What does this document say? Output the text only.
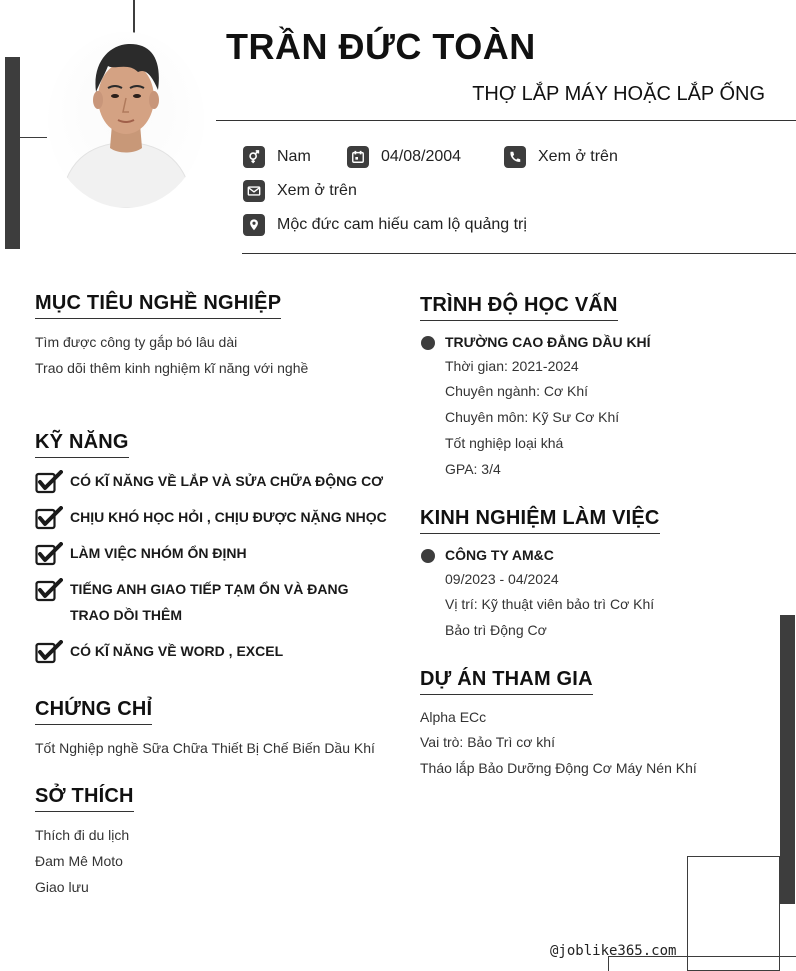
TRẦN ĐỨC TOÀN
THỢ LẮP MÁY HOẶC LẮP ỐNG
Nam	04/08/2004	Xem ở trên
Xem ở trên
Mộc đức cam hiếu cam lộ quảng trị
MỤC TIÊU NGHỀ NGHIỆP
Tìm được công ty gắp bó lâu dài
Trao dõi thêm kinh nghiệm kĩ năng với nghề
KỸ NĂNG
CÓ KĨ NĂNG VỀ LẮP VÀ SỬA CHỮA ĐỘNG CƠ
CHỊU KHÓ HỌC HỎI , CHỊU ĐƯỢC NẶNG NHỌC
LÀM VIỆC NHÓM ỔN ĐỊNH
TIẾNG ANH GIAO TIẾP TẠM ỔN VÀ ĐANG TRAO DỒI THÊM
CÓ KĨ NĂNG VỀ WORD , EXCEL
CHỨNG CHỈ
Tốt Nghiệp nghề Sữa Chữa Thiết Bị Chế Biến Dầu Khí
SỞ THÍCH
Thích đi du lịch
Đam Mê Moto
Giao lưu
TRÌNH ĐỘ HỌC VẤN
TRƯỜNG CAO ĐẲNG DẦU KHÍ
Thời gian: 2021-2024
Chuyên ngành: Cơ Khí
Chuyên môn: Kỹ Sư Cơ Khí
Tốt nghiệp loại khá
GPA: 3/4
KINH NGHIỆM LÀM VIỆC
CÔNG TY AM&C
09/2023 - 04/2024
Vị trí: Kỹ thuật viên bảo trì Cơ Khí
Bảo trì Động Cơ
DỰ ÁN THAM GIA
Alpha ECc
Vai trò: Bảo Trì cơ khí
Tháo lắp Bảo Dưỡng Động Cơ Máy Nén Khí
@joblike365.com
